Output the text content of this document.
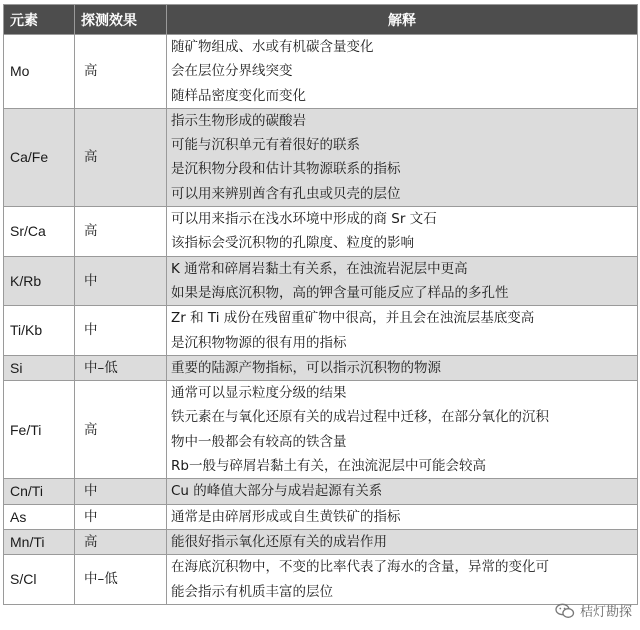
元素	探测效果	解释
Mo	高	随矿物组成、水或有机碳含量变化
会在层位分界线突变
随样品密度变化而变化

Ca/Fe	高	指示生物形成的碳酸岩
可能与沉积单元有着很好的联系
是沉积物分段和估计其物源联系的指标
可以用来辨别酋含有孔虫或贝壳的层位

Sr/Ca	高	可以用来指示在浅水环境中形成的商 Sr 文石
该指标会受沉积物的孔隙度、粒度的影响

K/Rb	中	K 通常和碎屑岩黏土有关系，在浊流岩泥层中更高
如果是海底沉积物，高的钾含量可能反应了样品的多孔性

Ti/Kb	中	Zr 和 Ti 成份在残留重矿物中很高，并且会在浊流层基底变高
是沉积物物源的很有用的指标

Si	中–低	重要的陆源产物指标，可以指示沉积物的物源

Fe/Ti	高	通常可以显示粒度分级的结果
铁元素在与氧化还原有关的成岩过程中迁移，在部分氧化的沉积
物中一般都会有较高的铁含量
Rb一般与碎屑岩黏土有关，在浊流泥层中可能会较高

Cn/Ti	中	Cu 的峰值大部分与成岩起源有关系

As	中	通常是由碎屑形成或自生黄铁矿的指标

Mn/Ti	高	能很好指示氧化还原有关的成岩作用

S/Cl	中–低	在海底沉积物中，不变的比率代表了海水的含量，异常的变化可
能会指示有机质丰富的层位
桔灯勘探
